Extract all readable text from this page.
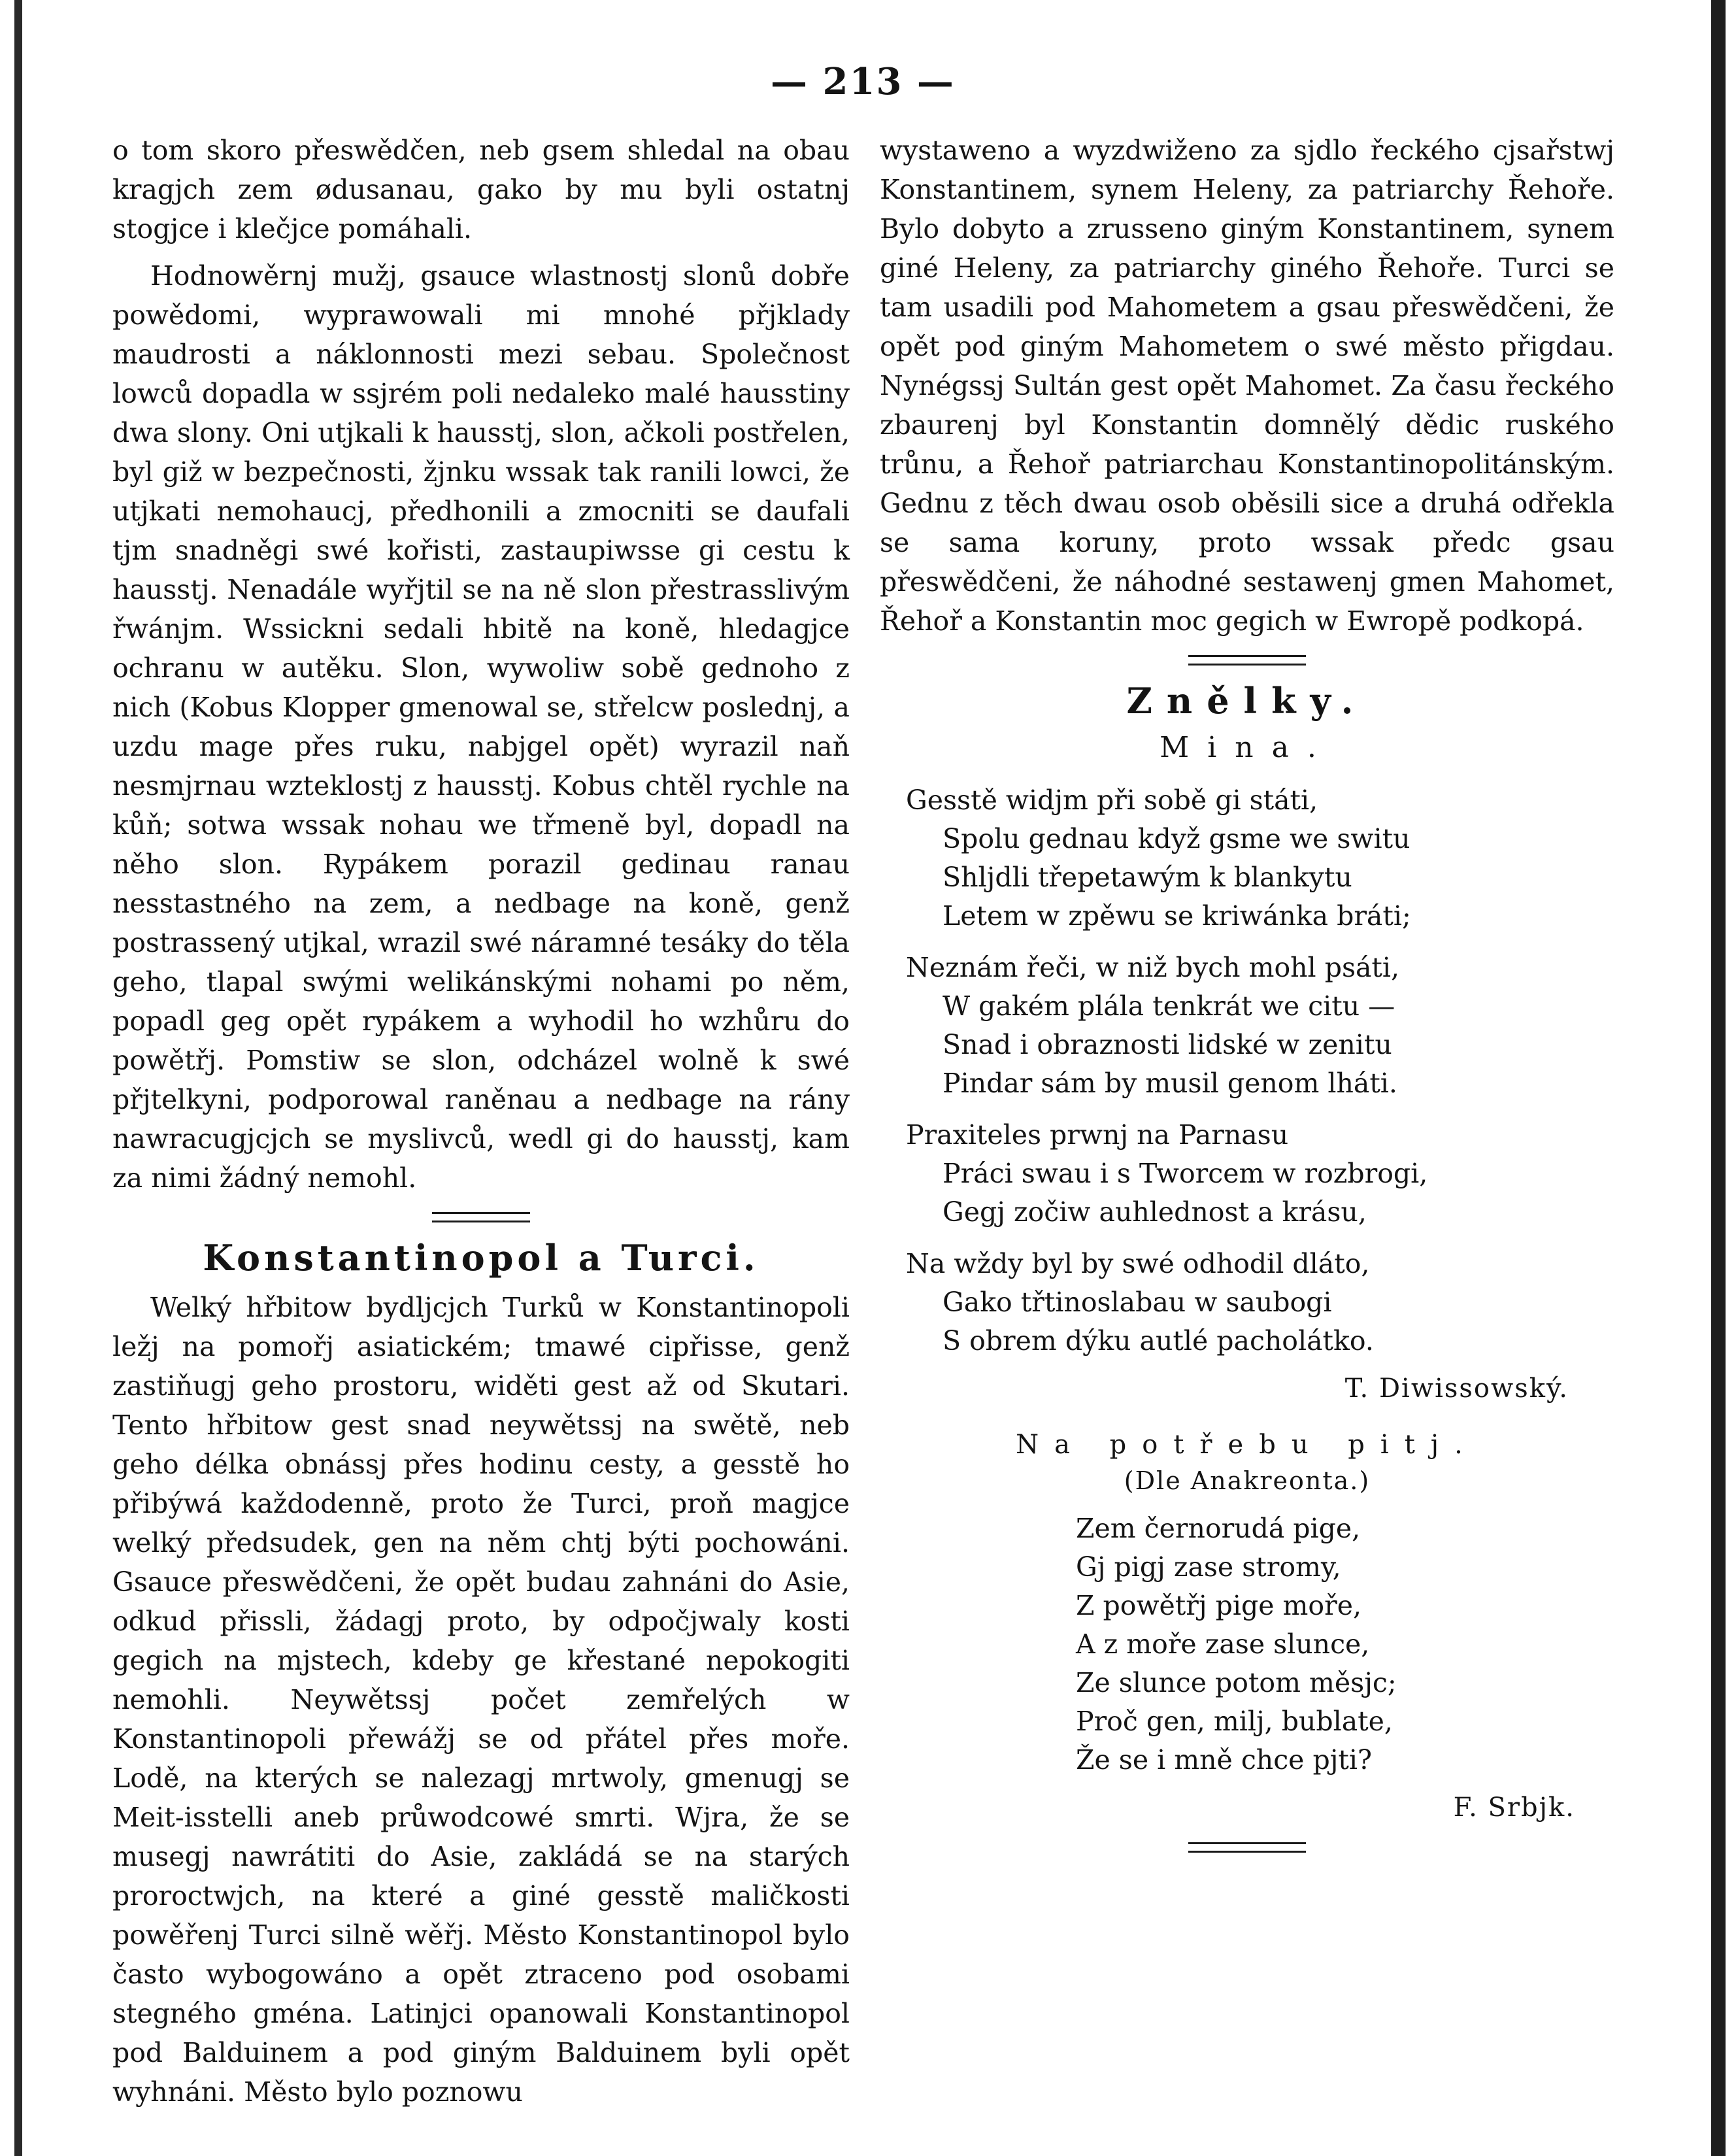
— 213 —

o tom skoro přeswědčen, neb gsem shledal na obau kragjch zem ødusanau, gako by mu byli ostatnj stogjce i klečjce pomáhali.

Hodnowěrnj mužj, gsauce wlastnostj slonů dobře powědomi, wyprawowali mi mnohé přjklady maudrosti a náklonnosti mezi sebau. Společnost lowců dopadla w ssjrém poli nedaleko malé hausstiny dwa slony. Oni utjkali k hausstj, slon, ačkoli postřelen, byl giž w bezpečnosti, žjnku wssak tak ranili lowci, že utjkati nemohaucj, předhonili a zmocniti se daufali tjm snadněgi swé kořisti, zastaupiwsse gi cestu k hausstj. Nenadále wyřjtil se na ně slon přestrasslivým řwánjm. Wssickni sedali hbitě na koně, hledagjce ochranu w autěku. Slon, wywoliw sobě gednoho z nich (Kobus Klopper gmenowal se, střelcw poslednj, a uzdu mage přes ruku, nabjgel opět) wyrazil naň nesmjrnau wzteklostj z hausstj. Kobus chtěl rychle na kůň; sotwa wssak nohau we třmeně byl, dopadl na něho slon. Rypákem porazil gedinau ranau nesstastného na zem, a nedbage na koně, genž postrassený utjkal, wrazil swé náramné tesáky do těla geho, tlapal swými welikánskými nohami po něm, popadl geg opět rypákem a wyhodil ho wzhůru do powětřj. Pomstiw se slon, odcházel wolně k swé přjtelkyni, podporowal raněnau a nedbage na rány nawracugjcjch se myslivců, wedl gi do hausstj, kam za nimi žádný nemohl.

Konstantinopol a Turci.

Welký hřbitow bydljcjch Turků w Konstantinopoli ležj na pomořj asiatickém; tmawé cipřisse, genž zastiňugj geho prostoru, widěti gest až od Skutari. Tento hřbitow gest snad neywětssj na swětě, neb geho délka obnássj přes hodinu cesty, a gesstě ho přibýwá každodenně, proto že Turci, proň magjce welký předsudek, gen na něm chtj býti pochowáni. Gsauce přeswědčeni, že opět budau zahnáni do Asie, odkud přissli, žádagj proto, by odpočjwaly kosti gegich na mjstech, kdeby ge křestané nepokogiti nemohli. Neywětssj počet zemřelých w Konstantinopoli přewážj se od přátel přes moře. Lodě, na kterých se nalezagj mrtwoly, gmenugj se Meit-isstelli aneb průwodcowé smrti. Wjra, že se musegj nawrátiti do Asie, zakládá se na starých proroctwjch, na které a giné gesstě maličkosti powěřenj Turci silně wěřj. Město Konstantinopol bylo často wybogowáno a opět ztraceno pod osobami stegného gména. Latinjci opanowali Konstantinopol pod Balduinem a pod giným Balduinem byli opět wyhnáni. Město bylo poznowu

wystaweno a wyzdwiženo za sjdlo řeckého cjsařstwj Konstantinem, synem Heleny, za patriarchy Řehoře. Bylo dobyto a zrusseno giným Konstantinem, synem giné Heleny, za patriarchy giného Řehoře. Turci se tam usadili pod Mahometem a gsau přeswědčeni, že opět pod giným Mahometem o swé město přigdau. Nynégssj Sultán gest opět Mahomet. Za času řeckého zbaurenj byl Konstantin domnělý dědic ruského trůnu, a Řehoř patriarchau Konstantinopolitánským. Gednu z těch dwau osob oběsili sice a druhá odřekla se sama koruny, proto wssak předc gsau přeswědčeni, že náhodné sestawenj gmen Mahomet, Řehoř a Konstantin moc gegich w Ewropě podkopá.

Znělky.
Mina.
Gesstě widjm při sobě gi státi,
Spolu gednau když gsme we switu
Shljdli třepetawým k blankytu
Letem w zpěwu se kriwánka bráti;
Neznám řeči, w niž bych mohl psáti,
W gakém plála tenkrát we citu —
Snad i obraznosti lidské w zenitu
Pindar sám by musil genom lháti.
Praxiteles prwnj na Parnasu
Práci swau i s Tworcem w rozbrogi,
Gegj zočiw auhlednost a krásu,
Na wždy byl by swé odhodil dláto,
Gako třtinoslabau w saubogi
S obrem dýku autlé pacholátko.
T. Diwissowský.
Na potřebu pitj.
(Dle Anakreonta.)
Zem černorudá pige,
Gj pigj zase stromy,
Z powětřj pige moře,
A z moře zase slunce,
Ze slunce potom měsjc;
Proč gen, milj, bublate,
Že se i mně chce pjti?
F. Srbjk.
